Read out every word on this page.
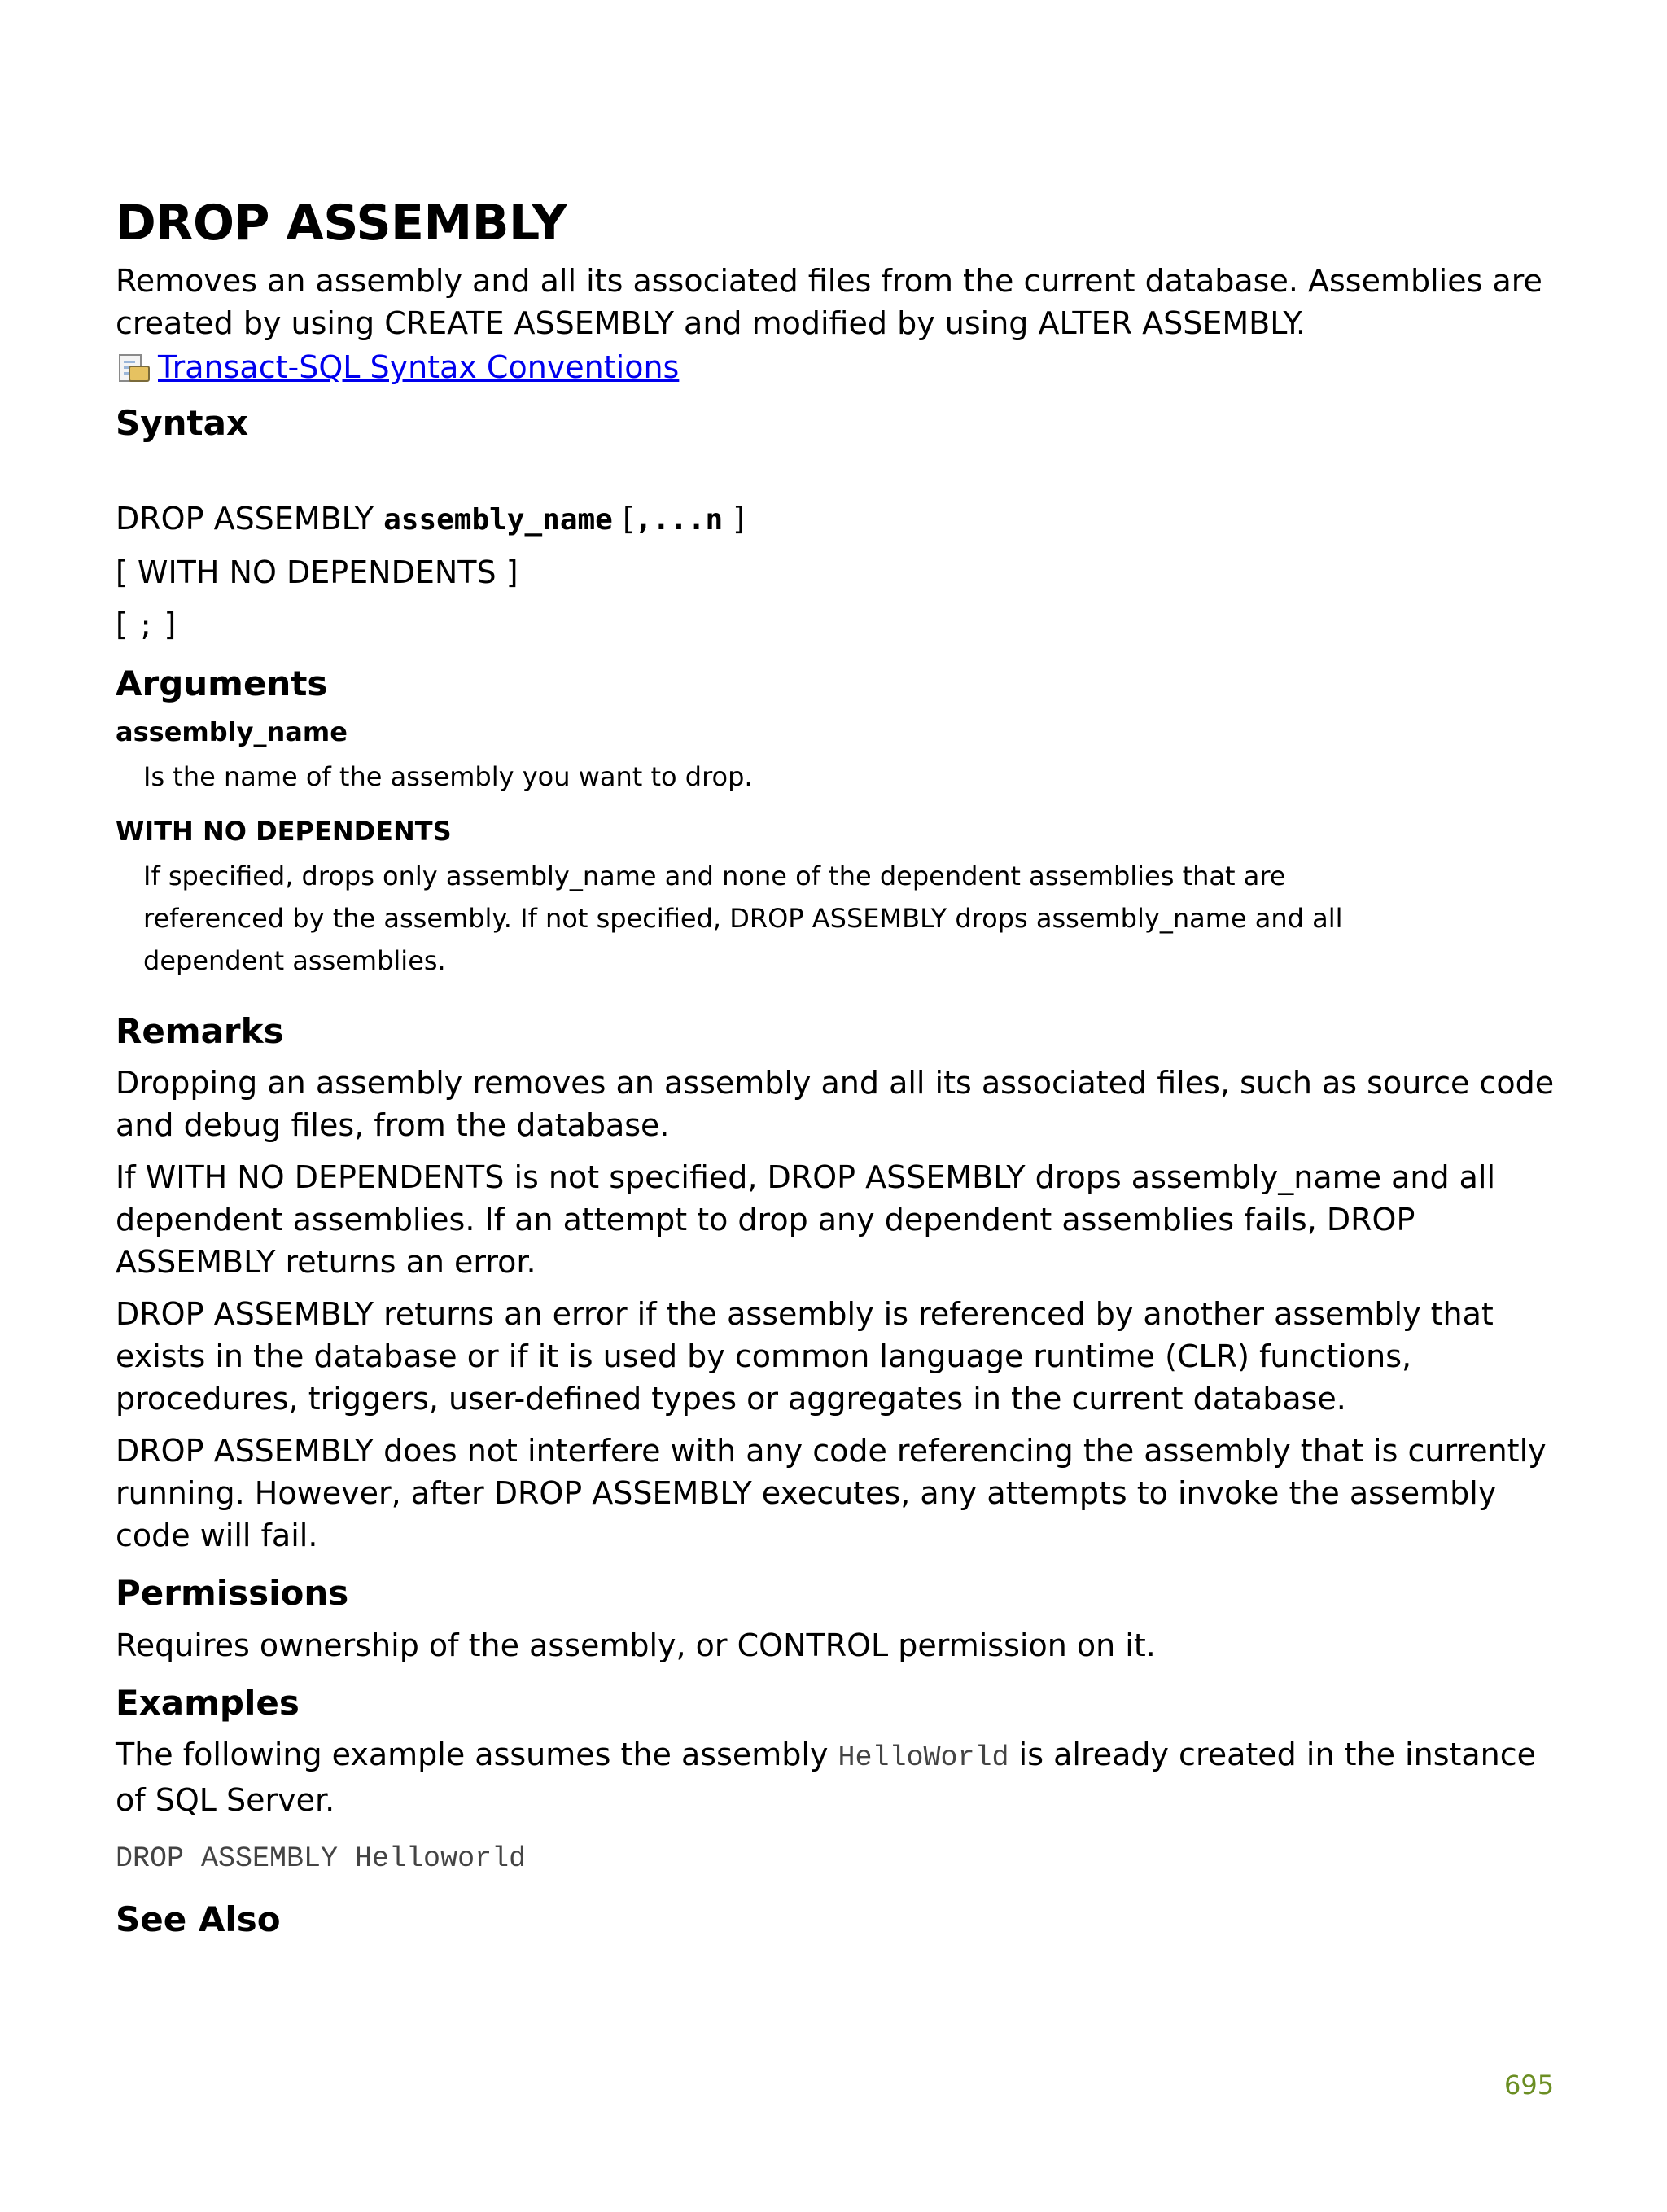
DROP ASSEMBLY

Removes an assembly and all its associated files from the current database. Assemblies are created by using CREATE ASSEMBLY and modified by using ALTER ASSEMBLY.

Transact-SQL Syntax Conventions
Syntax
DROP ASSEMBLY assembly_name [,...n ]
[ WITH NO DEPENDENTS ]
[ ; ]
Arguments
assembly_name
Is the name of the assembly you want to drop.
WITH NO DEPENDENTS
If specified, drops only assembly_name and none of the dependent assemblies that are referenced by the assembly. If not specified, DROP ASSEMBLY drops assembly_name and all dependent assemblies.
Remarks

Dropping an assembly removes an assembly and all its associated files, such as source code and debug files, from the database.

If WITH NO DEPENDENTS is not specified, DROP ASSEMBLY drops assembly_name and all dependent assemblies. If an attempt to drop any dependent assemblies fails, DROP ASSEMBLY returns an error.

DROP ASSEMBLY returns an error if the assembly is referenced by another assembly that exists in the database or if it is used by common language runtime (CLR) functions, procedures, triggers, user-defined types or aggregates in the current database.

DROP ASSEMBLY does not interfere with any code referencing the assembly that is currently running. However, after DROP ASSEMBLY executes, any attempts to invoke the assembly code will fail.

Permissions

Requires ownership of the assembly, or CONTROL permission on it.

Examples

The following example assumes the assembly HelloWorld is already created in the instance of SQL Server.

DROP ASSEMBLY Helloworld
See Also
695
